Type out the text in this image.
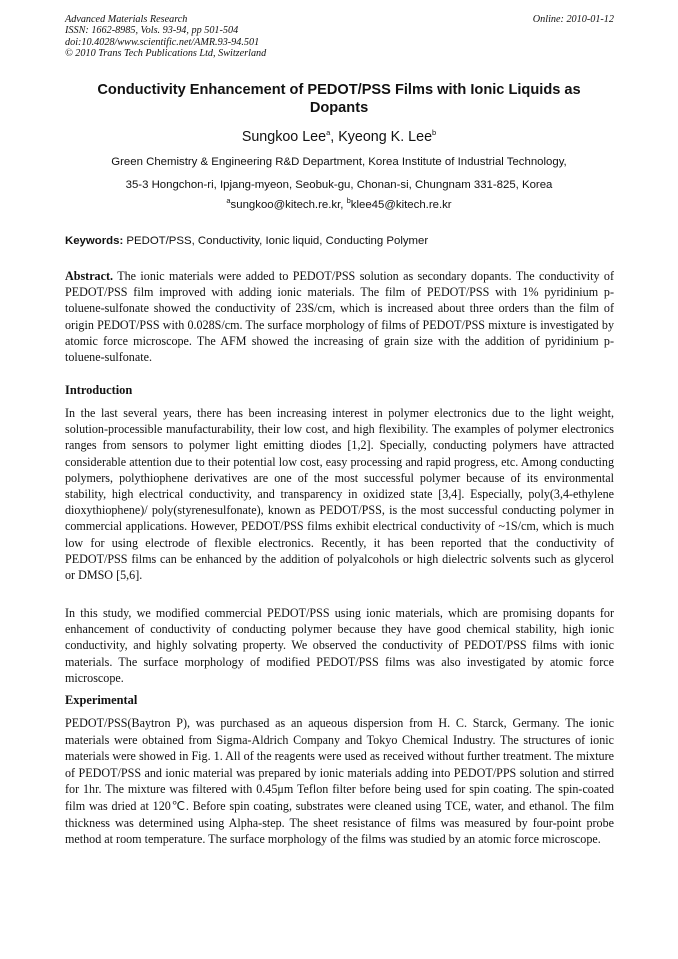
Advanced Materials Research
ISSN: 1662-8985, Vols. 93-94, pp 501-504
doi:10.4028/www.scientific.net/AMR.93-94.501
© 2010 Trans Tech Publications Ltd, Switzerland
Online: 2010-01-12
Conductivity Enhancement of PEDOT/PSS Films with Ionic Liquids as
Dopants
Sungkoo Lee$^a$, Kyeong K. Lee$^b$
Green Chemistry & Engineering R&D Department, Korea Institute of Industrial Technology,
35-3 Hongchon-ri, Ipjang-myeon, Seobuk-gu, Chonan-si, Chungnam 331-825, Korea
$^a$sungkoo@kitech.re.kr, $^b$klee45@kitech.re.kr
Keywords: PEDOT/PSS, Conductivity, Ionic liquid, Conducting Polymer

Abstract. The ionic materials were added to PEDOT/PSS solution as secondary dopants. The conductivity of PEDOT/PSS film improved with adding ionic materials. The film of PEDOT/PSS with 1% pyridinium p-toluene-sulfonate showed the conductivity of 23S/cm, which is increased about three orders than the film of origin PEDOT/PSS with 0.028S/cm. The surface morphology of films of PEDOT/PSS mixture is investigated by atomic force microscope. The AFM showed the increasing of grain size with the addition of pyridinium p-toluene-sulfonate.

Introduction

In the last several years, there has been increasing interest in polymer electronics due to the light weight, solution-processible manufacturability, their low cost, and high flexibility. The examples of polymer electronics ranges from sensors to polymer light emitting diodes [1,2]. Specially, conducting polymers have attracted considerable attention due to their potential low cost, easy processing and rapid progress, etc. Among conducting polymers, polythiophene derivatives are one of the most successful polymer because of its environmental stability, high electrical conductivity, and transparency in oxidized state [3,4]. Especially, poly(3,4-ethylene dioxythiophene)/ poly(styrenesulfonate), known as PEDOT/PSS, is the most successful conducting polymer in commercial applications. However, PEDOT/PSS films exhibit electrical conductivity of ~1S/cm, which is much low for using electrode of flexible electronics. Recently, it has been reported that the conductivity of PEDOT/PSS films can be enhanced by the addition of polyalcohols or high dielectric solvents such as glycerol or DMSO [5,6].

In this study, we modified commercial PEDOT/PSS using ionic materials, which are promising dopants for enhancement of conductivity of conducting polymer because they have good chemical stability, high ionic conductivity, and highly solvating property. We observed the conductivity of PEDOT/PSS films with ionic materials. The surface morphology of modified PEDOT/PSS films was also investigated by atomic force microscope.

Experimental

PEDOT/PSS(Baytron P), was purchased as an aqueous dispersion from H. C. Starck, Germany. The ionic materials were obtained from Sigma-Aldrich Company and Tokyo Chemical Industry. The structures of ionic materials were showed in Fig. 1. All of the reagents were used as received without further treatment. The mixture of PEDOT/PSS and ionic material was prepared by ionic materials adding into PEDOT/PPS solution and stirred for 1hr. The mixture was filtered with 0.45μm Teflon filter before being used for spin coating. The spin-coated film was dried at 120℃. Before spin coating, substrates were cleaned using TCE, water, and ethanol. The film thickness was determined using Alpha-step. The sheet resistance of films was measured by four-point probe method at room temperature. The surface morphology of the films was studied by an atomic force microscope.
